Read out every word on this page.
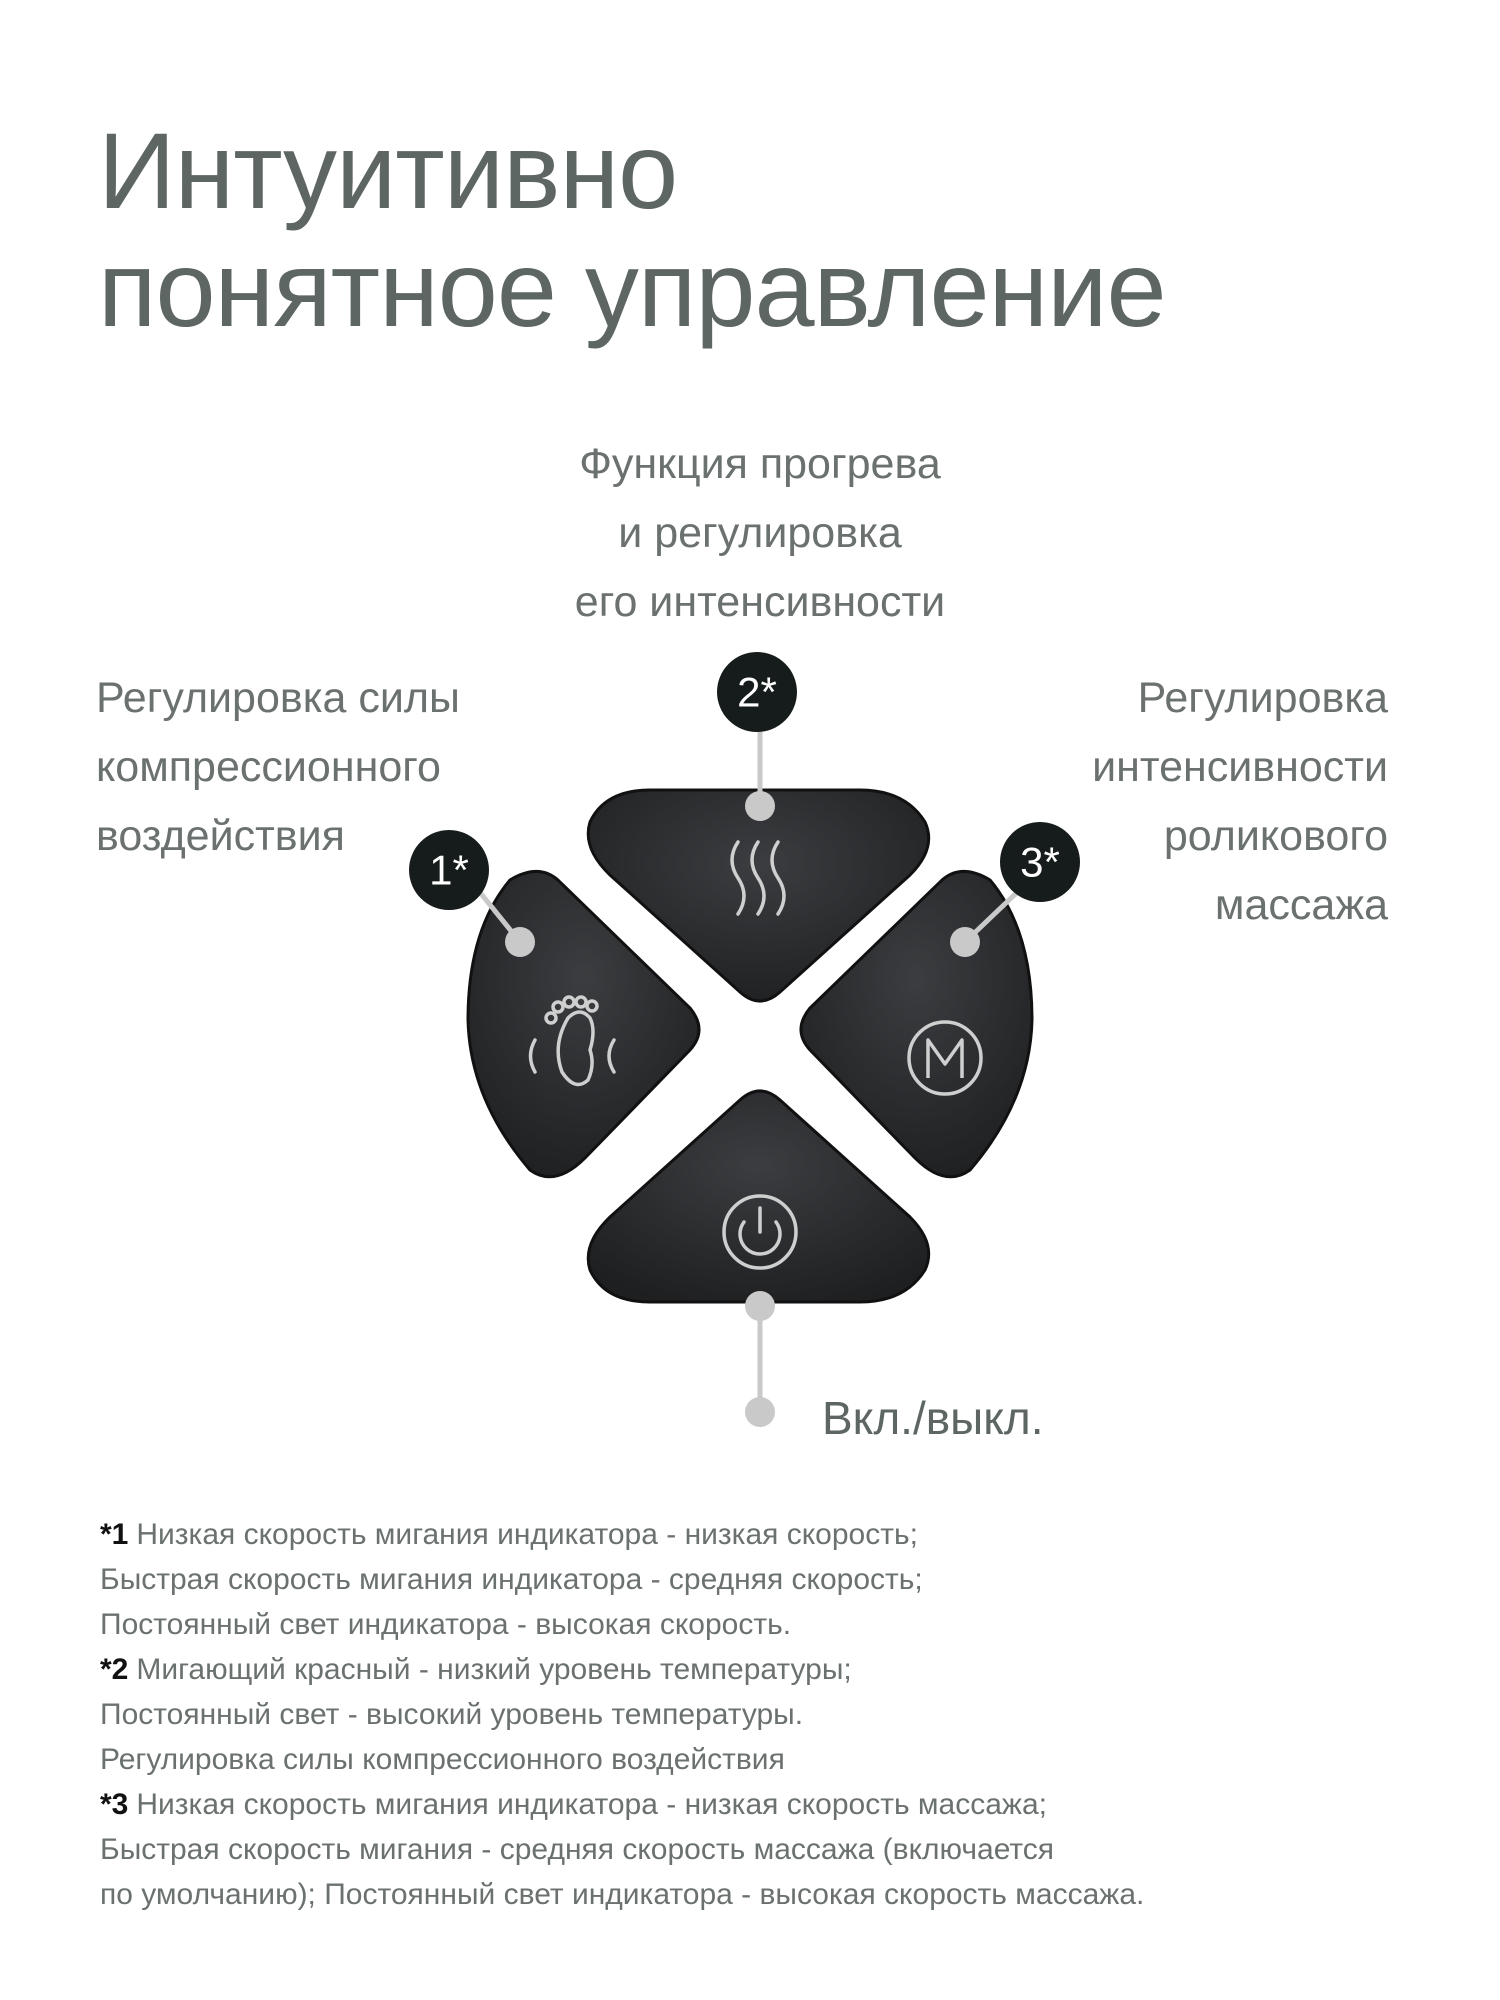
Интуитивно
понятное управление

Функция прогрева
и регулировка
его интенсивности

Регулировка силы
компрессионного
воздействия

Регулировка
интенсивности
роликового
массажа

Вкл./выкл.

2*
1*	3*
*1 Низкая скорость мигания индикатора - низкая скорость;
Быстрая скорость мигания индикатора - средняя скорость;
Постоянный свет индикатора - высокая скорость.
*2 Мигающий красный - низкий уровень температуры;
Постоянный свет - высокий уровень температуры.
Регулировка силы компрессионного воздействия
*3 Низкая скорость мигания индикатора - низкая скорость массажа;
Быстрая скорость мигания - средняя скорость массажа (включается
по умолчанию); Постоянный свет индикатора - высокая скорость массажа.
